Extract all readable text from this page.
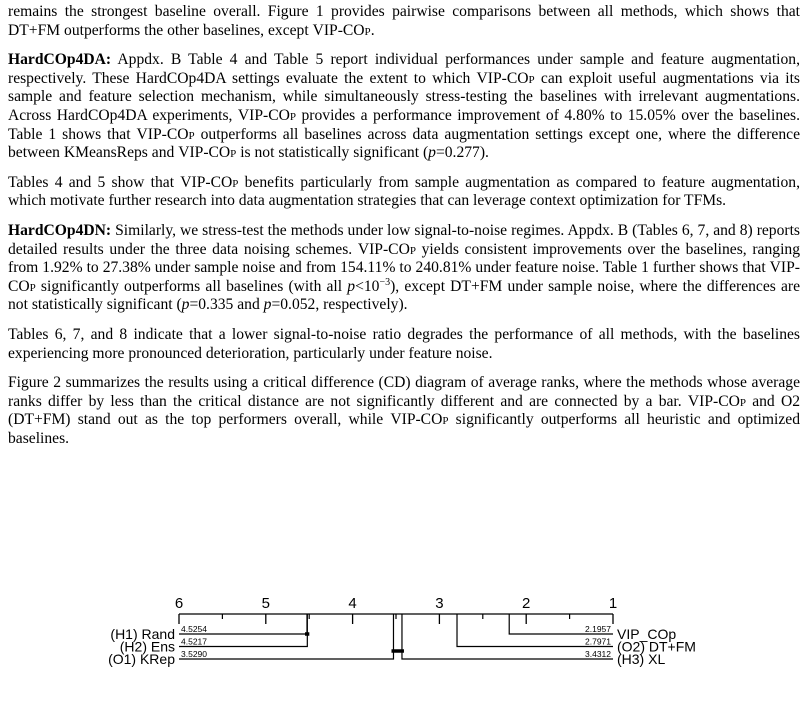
remains the strongest baseline overall. Figure 1 provides pairwise comparisons between all methods, which shows that DT+FM outperforms the other baselines, except VIP-COp.

HardCOp4DA: Appdx. B Table 4 and Table 5 report individual performances under sample and feature augmentation, respectively. These HardCOp4DA settings evaluate the extent to which VIP-COp can exploit useful augmentations via its sample and feature selection mechanism, while simultaneously stress-testing the baselines with irrelevant augmentations. Across HardCOp4DA experiments, VIP-COp provides a performance improvement of 4.80% to 15.05% over the baselines. Table 1 shows that VIP-COp outperforms all baselines across data augmentation settings except one, where the difference between KMeansReps and VIP-COp is not statistically significant (p=0.277).

Tables 4 and 5 show that VIP-COp benefits particularly from sample augmentation as compared to feature augmentation, which motivate further research into data augmentation strategies that can leverage context optimization for TFMs.

HardCOp4DN: Similarly, we stress-test the methods under low signal-to-noise regimes. Appdx. B (Tables 6, 7, and 8) reports detailed results under the three data noising schemes. VIP-COp yields consistent improvements over the baselines, ranging from 1.92% to 27.38% under sample noise and from 154.11% to 240.81% under feature noise. Table 1 further shows that VIP-COp significantly outperforms all baselines (with all $p<10^{-3}$), except DT+FM under sample noise, where the differences are not statistically significant (p=0.335 and p=0.052, respectively).

Tables 6, 7, and 8 indicate that a lower signal-to-noise ratio degrades the performance of all methods, with the baselines experiencing more pronounced deterioration, particularly under feature noise.

Figure 2 summarizes the results using a critical difference (CD) diagram of average ranks, where the methods whose average ranks differ by less than the critical distance are not significantly different and are connected by a bar. VIP-COp and O2 (DT+FM) stand out as the top performers overall, while VIP-COp significantly outperforms all heuristic and optimized baselines.

6	5	4	3	2	1
(H1) Rand 4.5254
(H2) Ens 4.5217
(O1) KRep 3.5290
VIP_COp
2.1957
(O2) DT+FM
2.7971
(H3) XL
3.4312
